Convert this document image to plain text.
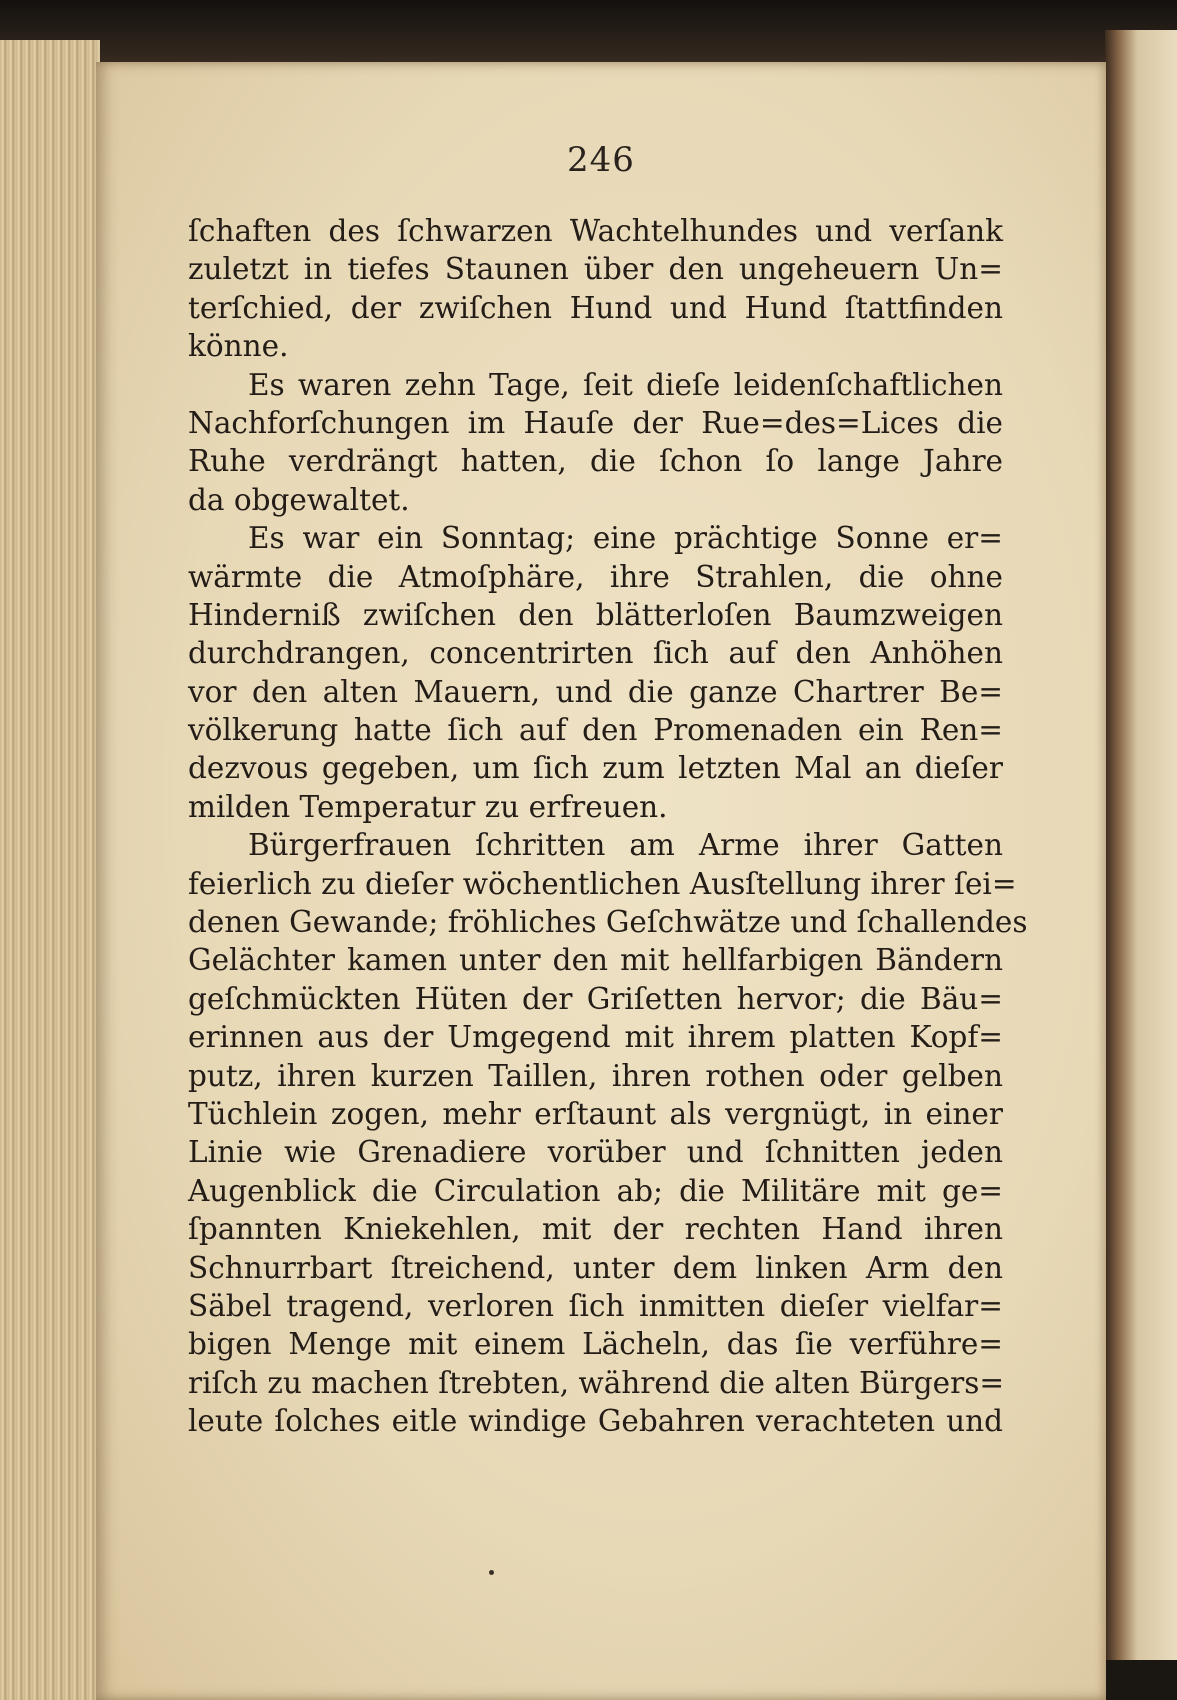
246
ſchaften des ſchwarzen Wachtelhundes und verſank
zuletzt in tiefes Staunen über den ungeheuern Un=
terſchied, der zwiſchen Hund und Hund ſtattfinden
könne.
Es waren zehn Tage, ſeit dieſe leidenſchaftlichen
Nachforſchungen im Hauſe der Rue=des=Lices die
Ruhe verdrängt hatten, die ſchon ſo lange Jahre
da obgewaltet.
Es war ein Sonntag; eine prächtige Sonne er=
wärmte die Atmoſphäre, ihre Strahlen, die ohne
Hinderniß zwiſchen den blätterloſen Baumzweigen
durchdrangen, concentrirten ſich auf den Anhöhen
vor den alten Mauern, und die ganze Chartrer Be=
völkerung hatte ſich auf den Promenaden ein Ren=
dezvous gegeben, um ſich zum letzten Mal an dieſer
milden Temperatur zu erfreuen.
Bürgerfrauen ſchritten am Arme ihrer Gatten
feierlich zu dieſer wöchentlichen Ausſtellung ihrer ſei=
denen Gewande; fröhliches Geſchwätze und ſchallendes
Gelächter kamen unter den mit hellfarbigen Bändern
geſchmückten Hüten der Griſetten hervor; die Bäu=
erinnen aus der Umgegend mit ihrem platten Kopf=
putz, ihren kurzen Taillen, ihren rothen oder gelben
Tüchlein zogen, mehr erſtaunt als vergnügt, in einer
Linie wie Grenadiere vorüber und ſchnitten jeden
Augenblick die Circulation ab; die Militäre mit ge=
ſpannten Kniekehlen, mit der rechten Hand ihren
Schnurrbart ſtreichend, unter dem linken Arm den
Säbel tragend, verloren ſich inmitten dieſer vielfar=
bigen Menge mit einem Lächeln, das ſie verführe=
riſch zu machen ſtrebten, während die alten Bürgers=
leute ſolches eitle windige Gebahren verachteten und
